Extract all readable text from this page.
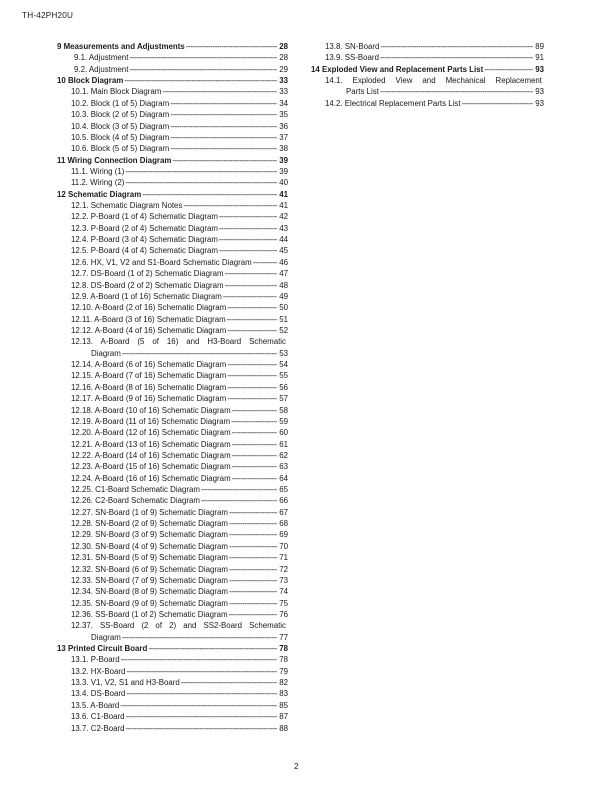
TH-42PH20U
9 Measurements and Adjustments -----	28
9.1. Adjustment -----	28
9.2. Adjustment -----	29
10 Block Diagram -----	33
10.1. Main Block Diagram -----	33
10.2. Block (1 of 5) Diagram -----	34
10.3. Block (2 of 5) Diagram -----	35
10.4. Block (3 of 5) Diagram -----	36
10.5. Block (4 of 5) Diagram -----	37
10.6. Block (5 of 5) Diagram -----	38
11 Wiring Connection Diagram -----	39
11.1. Wiring (1) -----	39
11.2. Wiring (2) -----	40
12 Schematic Diagram -----	41
12.1. Schematic Diagram Notes -----	41
12.2. P-Board (1 of 4) Schematic Diagram -----	42
12.3. P-Board (2 of 4) Schematic Diagram -----	43
12.4. P-Board (3 of 4) Schematic Diagram -----	44
12.5. P-Board (4 of 4) Schematic Diagram -----	45
12.6. HX, V1, V2 and S1-Board Schematic Diagram -----	46
12.7. DS-Board (1 of 2) Schematic Diagram -----	47
12.8. DS-Board (2 of 2) Schematic Diagram -----	48
12.9. A-Board (1 of 16) Schematic Diagram -----	49
12.10. A-Board (2 of 16) Schematic Diagram -----	50
12.11. A-Board (3 of 16) Schematic Diagram -----	51
12.12. A-Board (4 of 16) Schematic Diagram -----	52
12.13. A-Board (5 of 16) and H3-Board Schematic
Diagram -----	53
12.14. A-Board (6 of 16) Schematic Diagram -----	54
12.15. A-Board (7 of 16) Schematic Diagram -----	55
12.16. A-Board (8 of 16) Schematic Diagram -----	56
12.17. A-Board (9 of 16) Schematic Diagram -----	57
12.18. A-Board (10 of 16) Schematic Diagram -----	58
12.19. A-Board (11 of 16) Schematic Diagram -----	59
12.20. A-Board (12 of 16) Schematic Diagram -----	60
12.21. A-Board (13 of 16) Schematic Diagram -----	61
12.22. A-Board (14 of 16) Schematic Diagram -----	62
12.23. A-Board (15 of 16) Schematic Diagram -----	63
12.24. A-Board (16 of 16) Schematic Diagram -----	64
12.25. C1-Board Schematic Diagram -----	65
12.26. C2-Board Schematic Diagram -----	66
12.27. SN-Board (1 of 9) Schematic Diagram -----	67
12.28. SN-Board (2 of 9) Schematic Diagram -----	68
12.29. SN-Board (3 of 9) Schematic Diagram -----	69
12.30. SN-Board (4 of 9) Schematic Diagram -----	70
12.31. SN-Board (5 of 9) Schematic Diagram -----	71
12.32. SN-Board (6 of 9) Schematic Diagram -----	72
12.33. SN-Board (7 of 9) Schematic Diagram -----	73
12.34. SN-Board (8 of 9) Schematic Diagram -----	74
12.35. SN-Board (9 of 9) Schematic Diagram -----	75
12.36. SS-Board (1 of 2) Schematic Diagram -----	76
12.37. SS-Board (2 of 2) and SS2-Board Schematic
Diagram -----	77
13 Printed Circuit Board -----	78
13.1. P-Board -----	78
13.2. HX-Board -----	79
13.3. V1, V2, S1 and H3-Board -----	82
13.4. DS-Board -----	83
13.5. A-Board -----	85
13.6. C1-Board -----	87
13.7. C2-Board -----	88
13.8. SN-Board -----	89
13.9. SS-Board -----	91
14 Exploded View and Replacement Parts List -----	93
14.1. Exploded View and Mechanical Replacement
Parts List -----	93
14.2. Electrical Replacement Parts List -----	93
2
